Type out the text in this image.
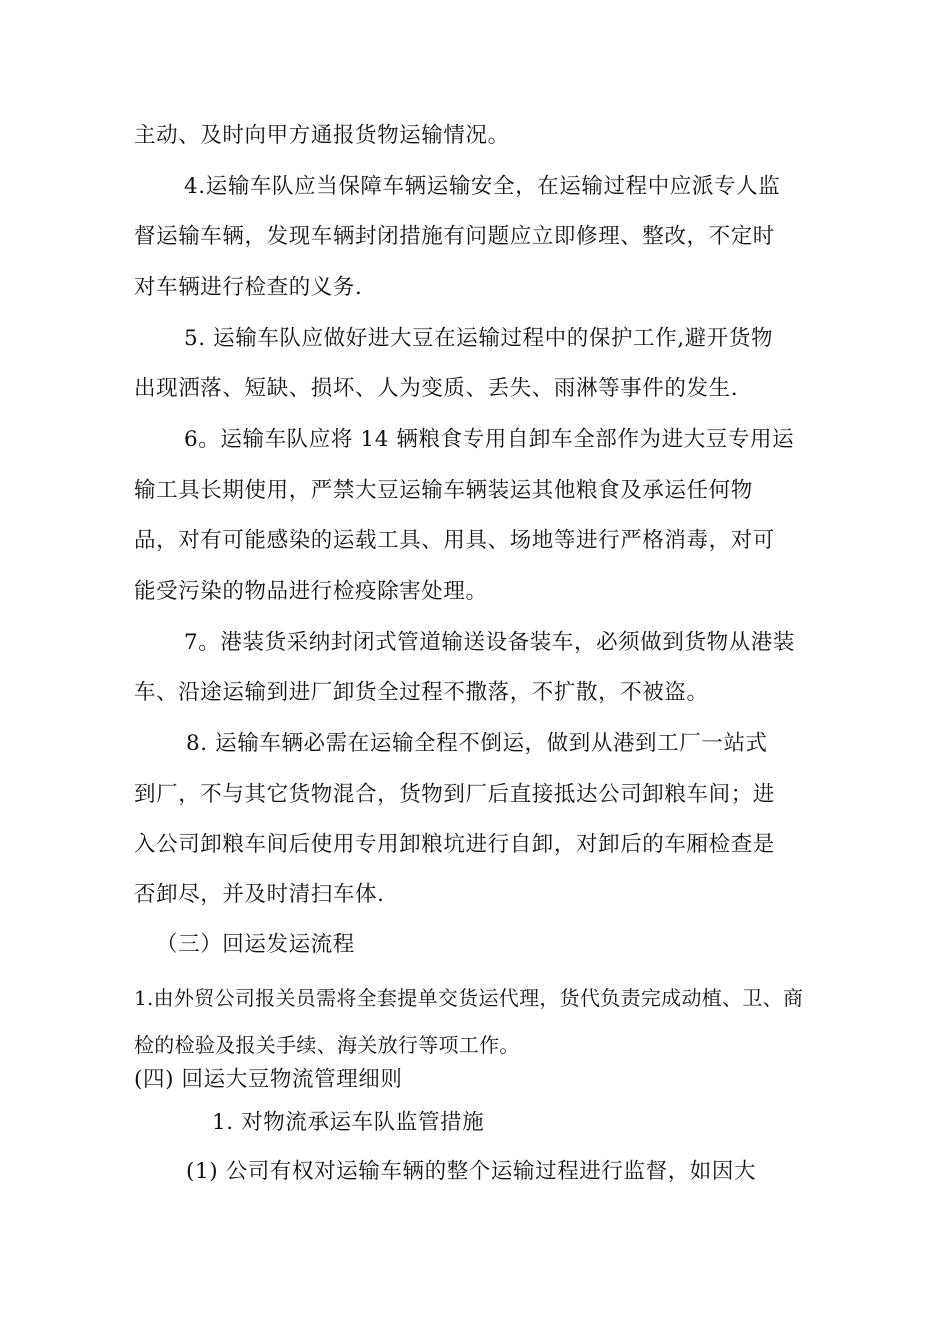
主动、及时向甲方通报货物运输情况。
4.运输车队应当保障车辆运输安全，在运输过程中应派专人监
督运输车辆，发现车辆封闭措施有问题应立即修理、整改，不定时
对车辆进行检查的义务.
5. 运输车队应做好进大豆在运输过程中的保护工作,避开货物
出现洒落、短缺、损坏、人为变质、丢失、雨淋等事件的发生.
6。运输车队应将 14 辆粮食专用自卸车全部作为进大豆专用运
输工具长期使用，严禁大豆运输车辆装运其他粮食及承运任何物
品，对有可能感染的运载工具、用具、场地等进行严格消毒，对可
能受污染的物品进行检疫除害处理。
7。港装货采纳封闭式管道输送设备装车，必须做到货物从港装
车、沿途运输到进厂卸货全过程不撒落，不扩散，不被盗。
8. 运输车辆必需在运输全程不倒运，做到从港到工厂一站式
到厂，不与其它货物混合，货物到厂后直接抵达公司卸粮车间；进
入公司卸粮车间后使用专用卸粮坑进行自卸，对卸后的车厢检查是
否卸尽，并及时清扫车体.
（三）回运发运流程
1.由外贸公司报关员需将全套提单交货运代理，货代负责完成动植、卫、商
检的检验及报关手续、海关放行等项工作。
(四) 回运大豆物流管理细则
1. 对物流承运车队监管措施
(1) 公司有权对运输车辆的整个运输过程进行监督，如因大
